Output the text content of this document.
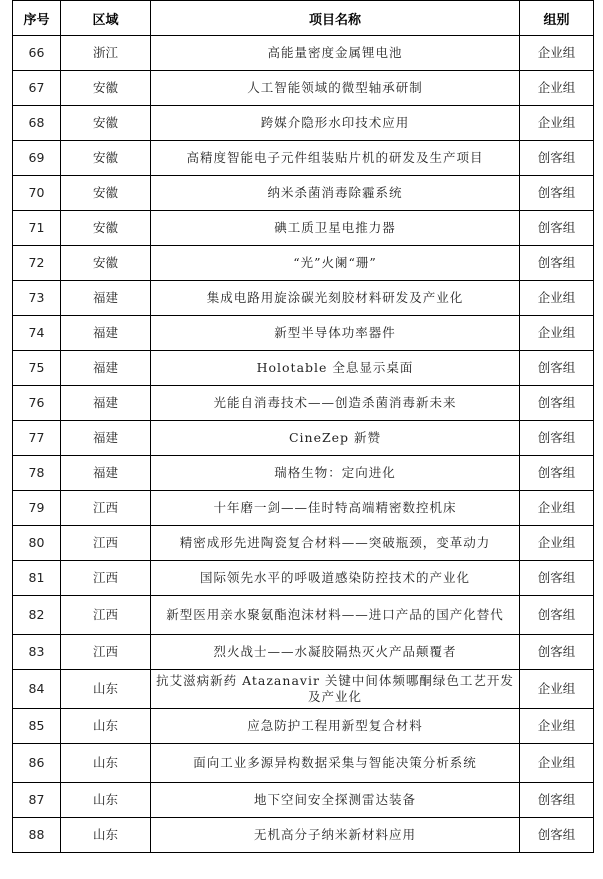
序号	区域	项目名称	组别
66	浙江	高能量密度金属锂电池	企业组
67	安徽	人工智能领域的微型轴承研制	企业组
68	安徽	跨媒介隐形水印技术应用	企业组
69	安徽	高精度智能电子元件组装贴片机的研发及生产项目	创客组
70	安徽	纳米杀菌消毒除霾系统	创客组
71	安徽	碘工质卫星电推力器	创客组
72	安徽	“光”火阑“珊”	创客组
73	福建	集成电路用旋涂碳光刻胶材料研发及产业化	企业组
74	福建	新型半导体功率器件	企业组
75	福建	Holotable 全息显示桌面	创客组
76	福建	光能自消毒技术——创造杀菌消毒新未来	创客组
77	福建	CineZep 新赞	创客组
78	福建	瑞格生物：定向进化	创客组
79	江西	十年磨一剑——佳时特高端精密数控机床	企业组
80	江西	精密成形先进陶瓷复合材料——突破瓶颈，变革动力	企业组
81	江西	国际领先水平的呼吸道感染防控技术的产业化	创客组
82	江西	新型医用亲水聚氨酯泡沫材料——进口产品的国产化替代	创客组
83	江西	烈火战士——水凝胶隔热灭火产品颠覆者	创客组
84	山东	抗艾滋病新药 Atazanavir 关键中间体频哪酮绿色工艺开发及产业化	企业组
85	山东	应急防护工程用新型复合材料	企业组
86	山东	面向工业多源异构数据采集与智能决策分析系统	企业组
87	山东	地下空间安全探测雷达装备	创客组
88	山东	无机高分子纳米新材料应用	创客组
